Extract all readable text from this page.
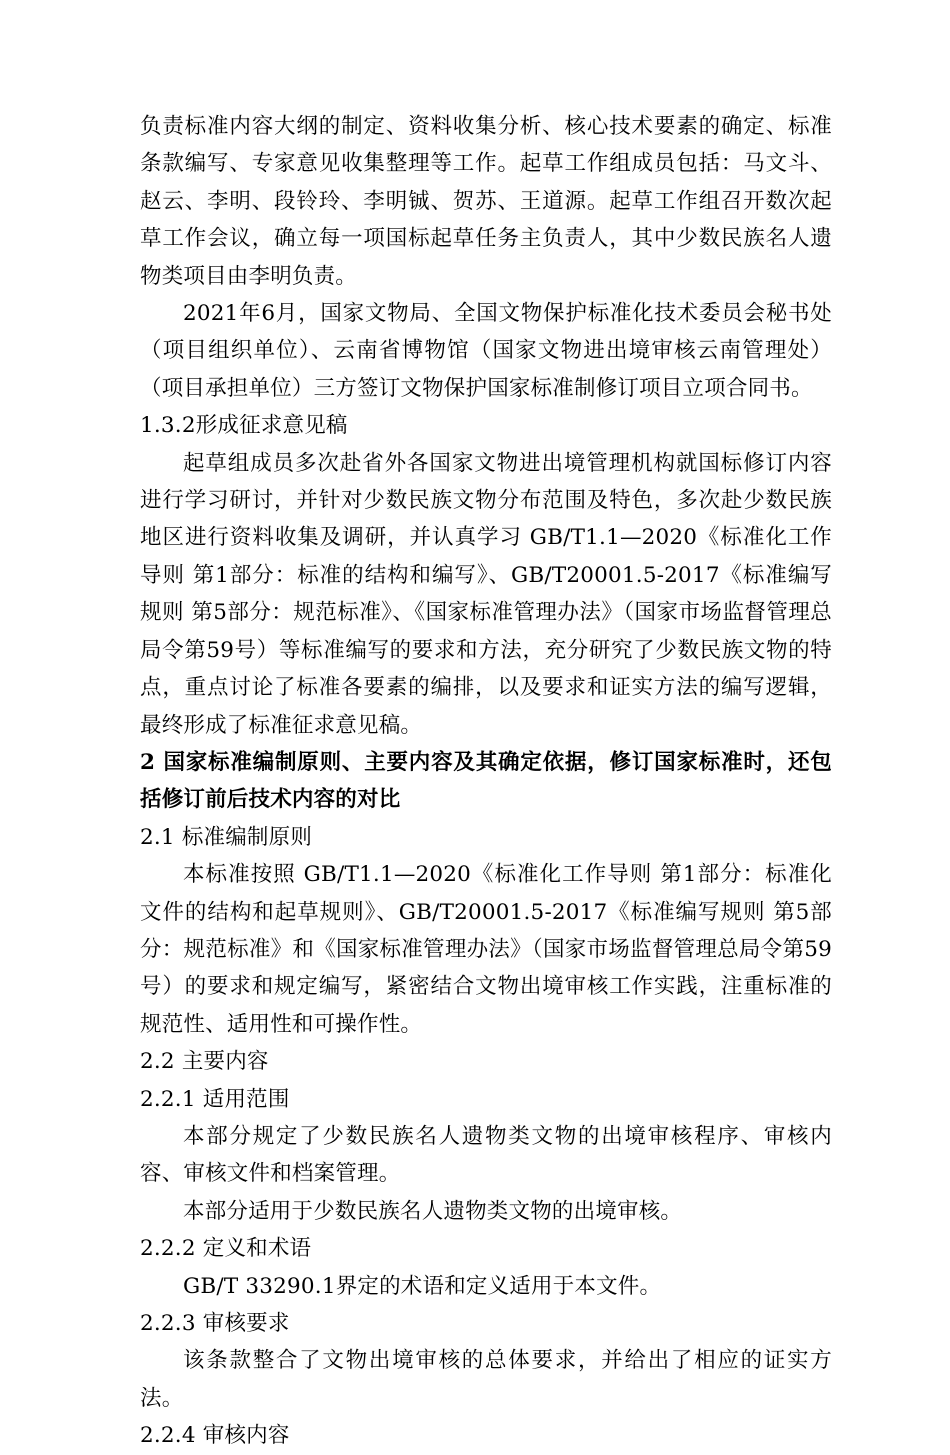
负责标准内容大纲的制定、资料收集分析、核心技术要素的确定、标准条款编写、专家意见收集整理等工作。起草工作组成员包括：马文斗、赵云、李明、段铃玲、李明铖、贺苏、王道源。起草工作组召开数次起草工作会议，确立每一项国标起草任务主负责人，其中少数民族名人遗物类项目由李明负责。

2021年6月，国家文物局、全国文物保护标准化技术委员会秘书处（项目组织单位）、云南省博物馆（国家文物进出境审核云南管理处）（项目承担单位）三方签订文物保护国家标准制修订项目立项合同书。

1.3.2形成征求意见稿

起草组成员多次赴省外各国家文物进出境管理机构就国标修订内容进行学习研讨，并针对少数民族文物分布范围及特色，多次赴少数民族地区进行资料收集及调研，并认真学习 GB/T1.1—2020《标准化工作导则 第1部分：标准的结构和编写》、GB/T20001.5-2017《标准编写规则 第5部分：规范标准》、《国家标准管理办法》（国家市场监督管理总局令第59号）等标准编写的要求和方法，充分研究了少数民族文物的特点，重点讨论了标准各要素的编排，以及要求和证实方法的编写逻辑，最终形成了标准征求意见稿。

2 国家标准编制原则、主要内容及其确定依据，修订国家标准时，还包括修订前后技术内容的对比
2.1 标准编制原则

本标准按照 GB/T1.1—2020《标准化工作导则 第1部分：标准化文件的结构和起草规则》、GB/T20001.5-2017《标准编写规则 第5部分：规范标准》和《国家标准管理办法》（国家市场监督管理总局令第59号）的要求和规定编写，紧密结合文物出境审核工作实践，注重标准的规范性、适用性和可操作性。

2.2 主要内容
2.2.1 适用范围

本部分规定了少数民族名人遗物类文物的出境审核程序、审核内容、审核文件和档案管理。

本部分适用于少数民族名人遗物类文物的出境审核。

2.2.2 定义和术语

GB/T 33290.1界定的术语和定义适用于本文件。

2.2.3 审核要求

该条款整合了文物出境审核的总体要求，并给出了相应的证实方法。

2.2.4 审核内容
